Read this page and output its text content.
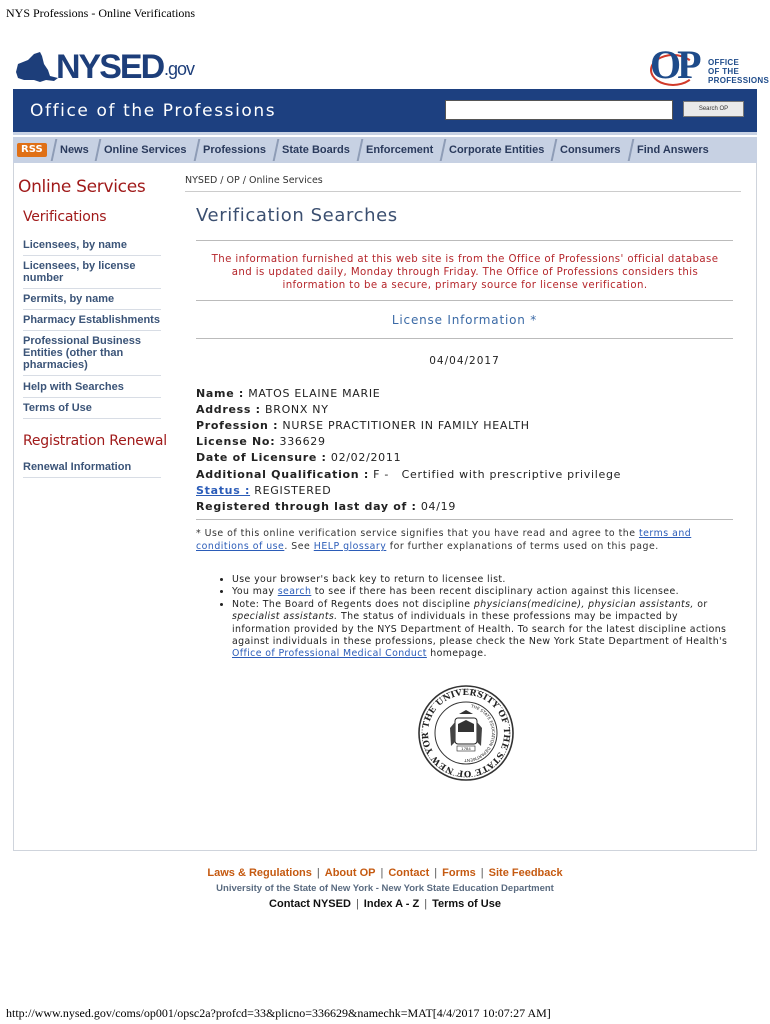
NYS Professions - Online Verifications
NYSED .gov	OP OFFICE
OF THE
PROFESSIONS
Office of the Professions	Search OP
RSS	News	Online Services	Professions	State Boards	Enforcement	Corporate Entities	Consumers	Find Answers
Online Services
Verifications
Licensees, by name
Licensees, by license number
Permits, by name
Pharmacy Establishments
Professional Business Entities (other than pharmacies)
Help with Searches
Terms of Use
Registration Renewal
Renewal Information
NYSED / OP / Online Services
Verification Searches
The information furnished at this web site is from the Office of Professions' official database and is updated daily, Monday through Friday. The Office of Professions considers this information to be a secure, primary source for license verification.
License Information *
04/04/2017
Name : MATOS ELAINE MARIE
Address : BRONX NY
Profession : NURSE PRACTITIONER IN FAMILY HEALTH
License No: 336629
Date of Licensure : 02/02/2011
Additional Qualification : F -   Certified with prescriptive privilege
Status : REGISTERED
Registered through last day of : 04/19
* Use of this online verification service signifies that you have read and agree to the terms and conditions of use. See HELP glossary for further explanations of terms used on this page.
• Use your browser's back key to return to licensee list.
• You may search to see if there has been recent disciplinary action against this licensee.
• Note: The Board of Regents does not discipline physicians(medicine), physician assistants, or specialist assistants. The status of individuals in these professions may be impacted by information provided by the NYS Department of Health. To search for the latest discipline actions against individuals in these professions, please check the New York State Department of Health's Office of Professional Medical Conduct homepage.
THE UNIVERSITY OF THE STATE OF NEW YOR
THE STATE EDUCATION DEPARTMENT
1784
Laws & Regulations | About OP | Contact | Forms | Site Feedback
University of the State of New York - New York State Education Department
Contact NYSED | Index A - Z | Terms of Use
http://www.nysed.gov/coms/op001/opsc2a?profcd=33&plicno=336629&namechk=MAT[4/4/2017 10:07:27 AM]
